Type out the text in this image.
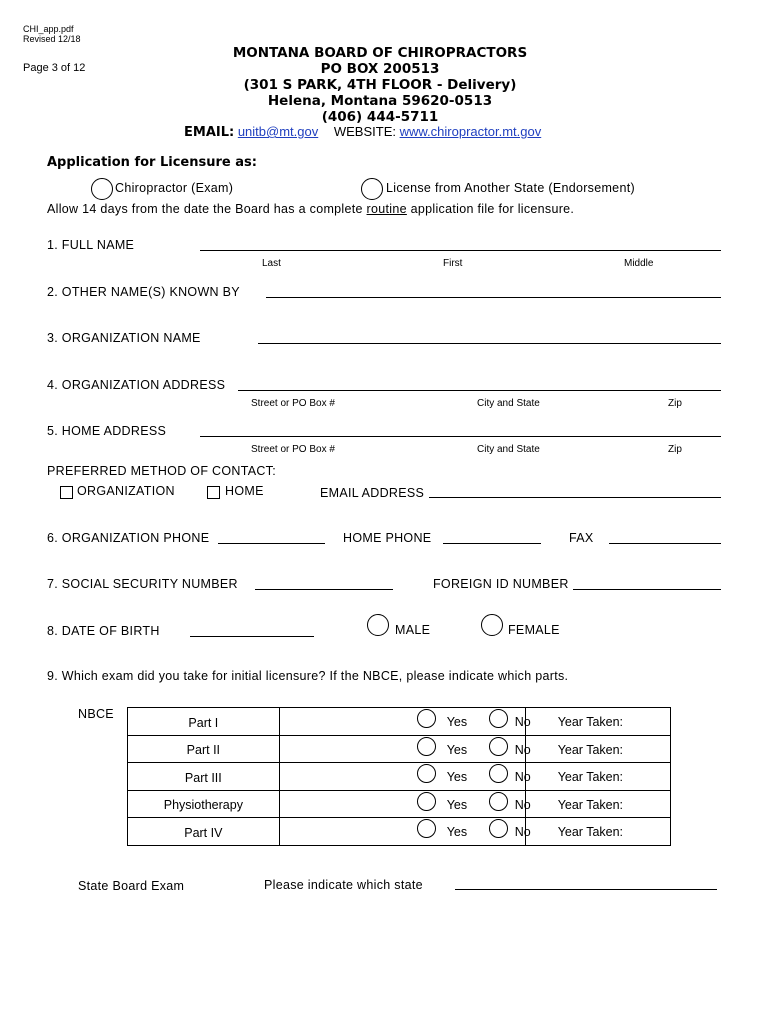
CHI_app.pdf
Revised 12/18
Page 3 of 12
MONTANA BOARD OF CHIROPRACTORS
PO BOX 200513
(301 S PARK, 4TH FLOOR - Delivery)
Helena, Montana 59620-0513
(406) 444-5711
EMAIL: unitb@mt.gov WEBSITE: www.chiropractor.mt.gov
Application for Licensure as:
Chiropractor (Exam)	License from Another State (Endorsement)
Allow 14 days from the date the Board has a complete routine application file for licensure.
1. FULL NAME
Last	First	Middle
2. OTHER NAME(S) KNOWN BY
3. ORGANIZATION NAME
4. ORGANIZATION ADDRESS
Street or PO Box #	City and State	Zip
5. HOME ADDRESS
Street or PO Box #	City and State	Zip
PREFERRED METHOD OF CONTACT:
ORGANIZATION	HOME	EMAIL ADDRESS
6. ORGANIZATION PHONE	HOME PHONE	FAX
7. SOCIAL SECURITY NUMBER	FOREIGN ID NUMBER
8. DATE OF BIRTH	MALE	FEMALE
9. Which exam did you take for initial licensure? If the NBCE, please indicate which parts.
NBCE
Part I	Yes No Year Taken:	

Part II	Yes No Year Taken:	

Part III	Yes No Year Taken:	

Physiotherapy	Yes No Year Taken:	

Part IV	Yes No Year Taken:	

State Board Exam	Please indicate which state
